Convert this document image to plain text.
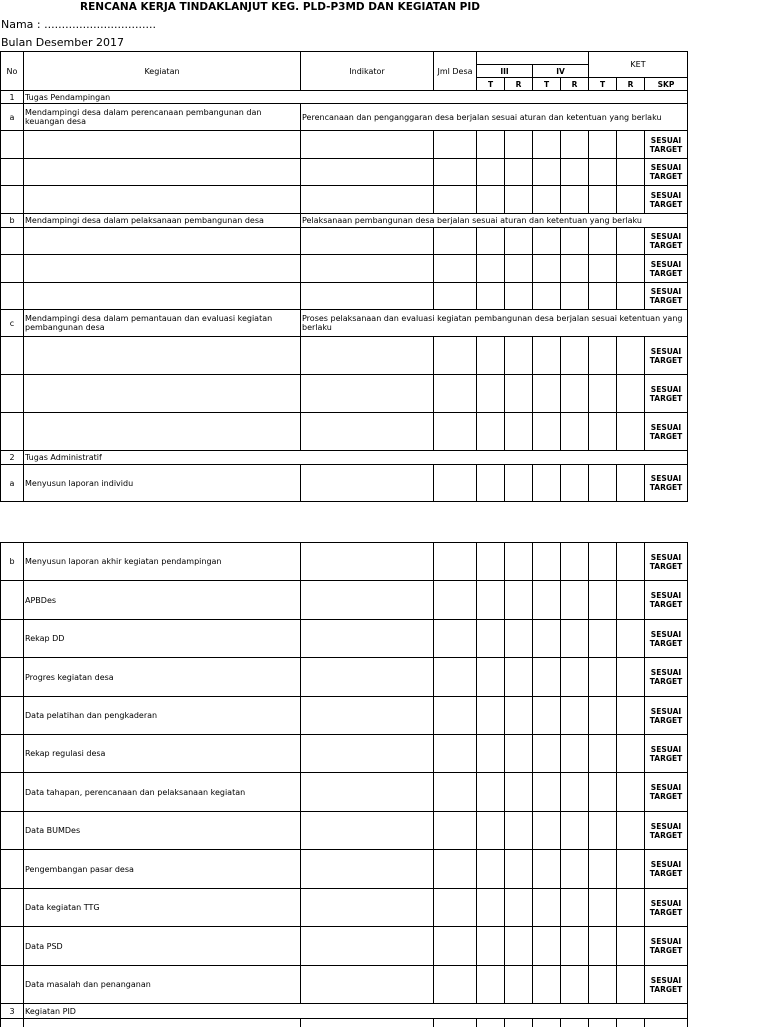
RENCANA KERJA TINDAKLANJUT KEG. PLD-P3MD DAN KEGIATAN PID
Nama : ................................
Bulan Desember 2017
No	Kegiatan	Indikator	Jml Desa					KET		
				III		IV				
				T	R	T	R	T	R	SKP
1	Tugas Pendampingan									
a	Mendampingi desa dalam perencanaan pembangunan dan keuangan desa	Perencanaan dan penganggaran desa berjalan sesuai aturan dan ketentuan yang berlaku								
										SESUAI TARGET
										SESUAI TARGET
										SESUAI TARGET
b	Mendampingi desa dalam pelaksanaan pembangunan desa	Pelaksanaan pembangunan desa berjalan sesuai aturan dan ketentuan yang berlaku								
										SESUAI TARGET
										SESUAI TARGET
										SESUAI TARGET
c	Mendampingi desa dalam pemantauan dan evaluasi kegiatan pembangunan desa	Proses pelaksanaan dan evaluasi kegiatan pembangunan desa berjalan sesuai ketentuan yang berlaku								
										SESUAI TARGET
										SESUAI TARGET
										SESUAI TARGET
2	Tugas Administratif									
a	Menyusun laporan individu									SESUAI TARGET
b	Menyusun laporan akhir kegiatan pendampingan									SESUAI TARGET
	APBDes									SESUAI TARGET
	Rekap DD									SESUAI TARGET
	Progres kegiatan desa									SESUAI TARGET
	Data pelatihan dan pengkaderan									SESUAI TARGET
	Rekap regulasi desa									SESUAI TARGET
	Data tahapan, perencanaan dan pelaksanaan kegiatan									SESUAI TARGET
	Data BUMDes									SESUAI TARGET
	Pengembangan pasar desa									SESUAI TARGET
	Data kegiatan TTG									SESUAI TARGET
	Data PSD									SESUAI TARGET
	Data masalah dan penanganan									SESUAI TARGET
3	Kegiatan PID									
